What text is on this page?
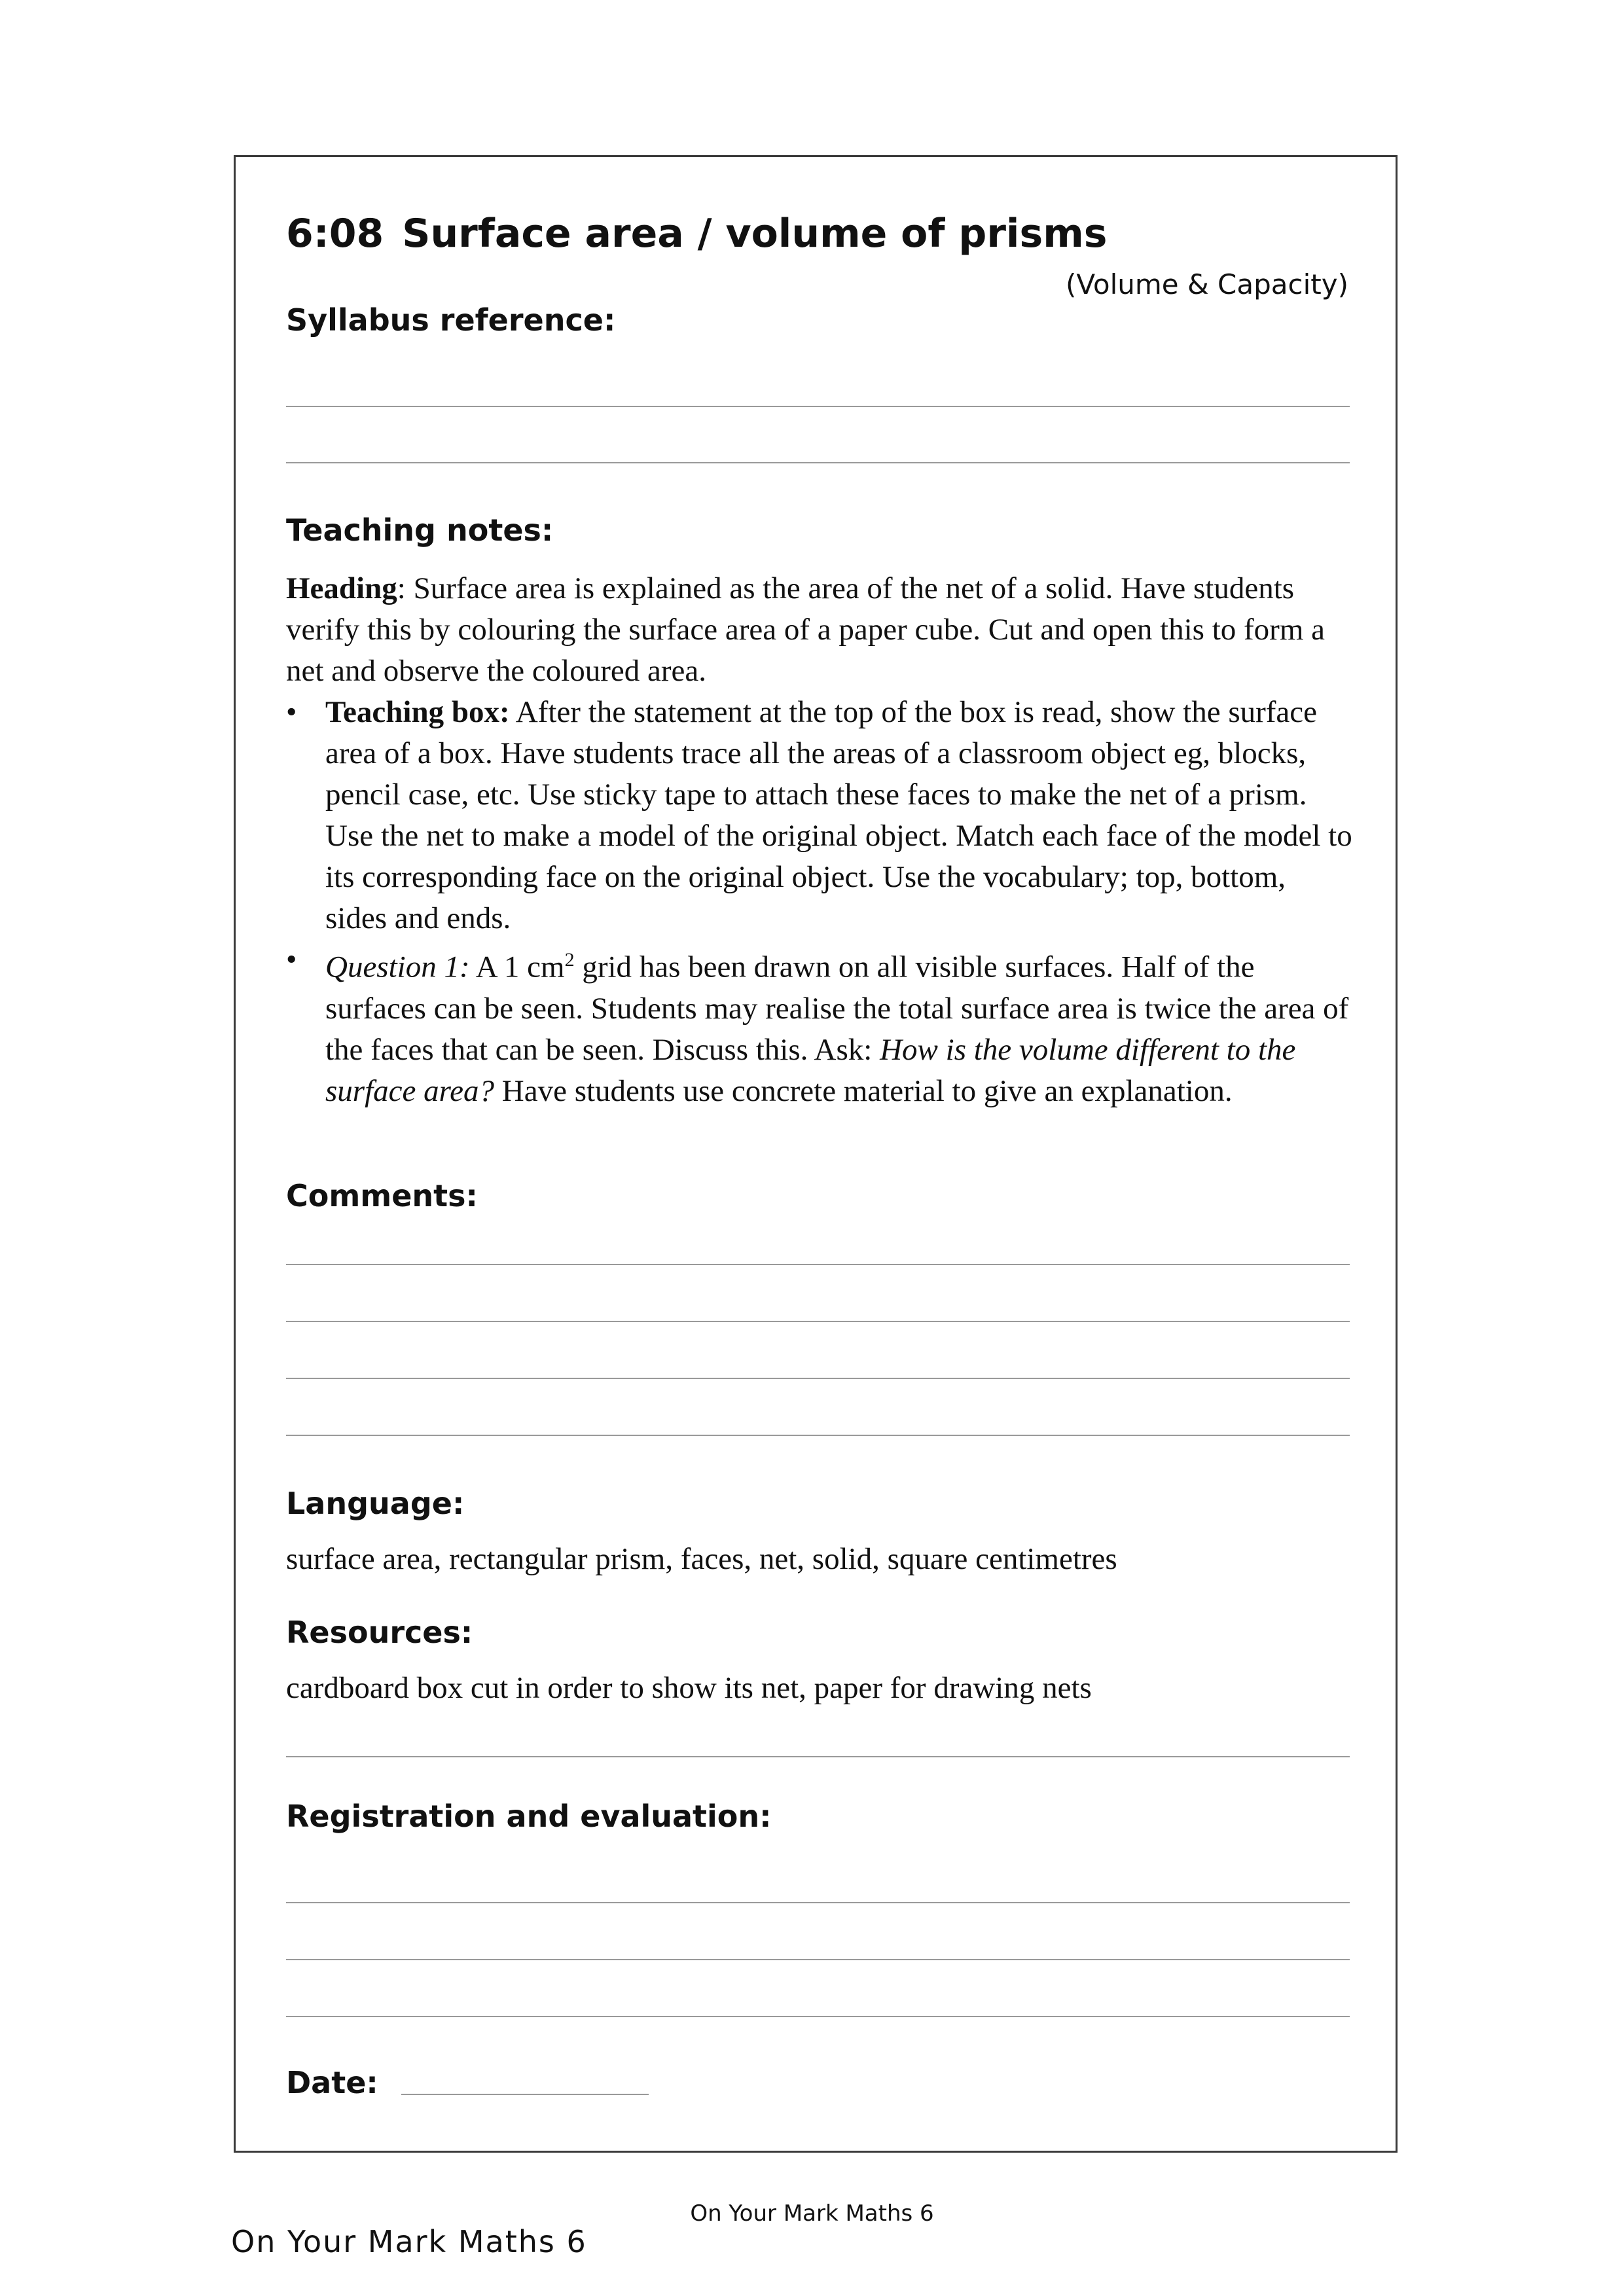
6:08 Surface area / volume of prisms
(Volume & Capacity)
Syllabus reference:
Teaching notes:

Heading: Surface area is explained as the area of the net of a solid. Have students verify this by colouring the surface area of a paper cube. Cut and open this to form a net and observe the coloured area.

• Teaching box: After the statement at the top of the box is read, show the surface area of a box. Have students trace all the areas of a classroom object eg, blocks, pencil case, etc. Use sticky tape to attach these faces to make the net of a prism. Use the net to make a model of the original object. Match each face of the model to its corresponding face on the original object. Use the vocabulary; top, bottom, sides and ends.
• Question 1: A 1 $cm^2$ grid has been drawn on all visible surfaces. Half of the surfaces can be seen. Students may realise the total surface area is twice the area of the faces that can be seen. Discuss this. Ask: How is the volume different to the surface area? Have students use concrete material to give an explanation.
Comments:
Language:
surface area, rectangular prism, faces, net, solid, square centimetres
Resources:
cardboard box cut in order to show its net, paper for drawing nets
Registration and evaluation:
Date:
On Your Mark Maths 6
On Your Mark Maths 6
